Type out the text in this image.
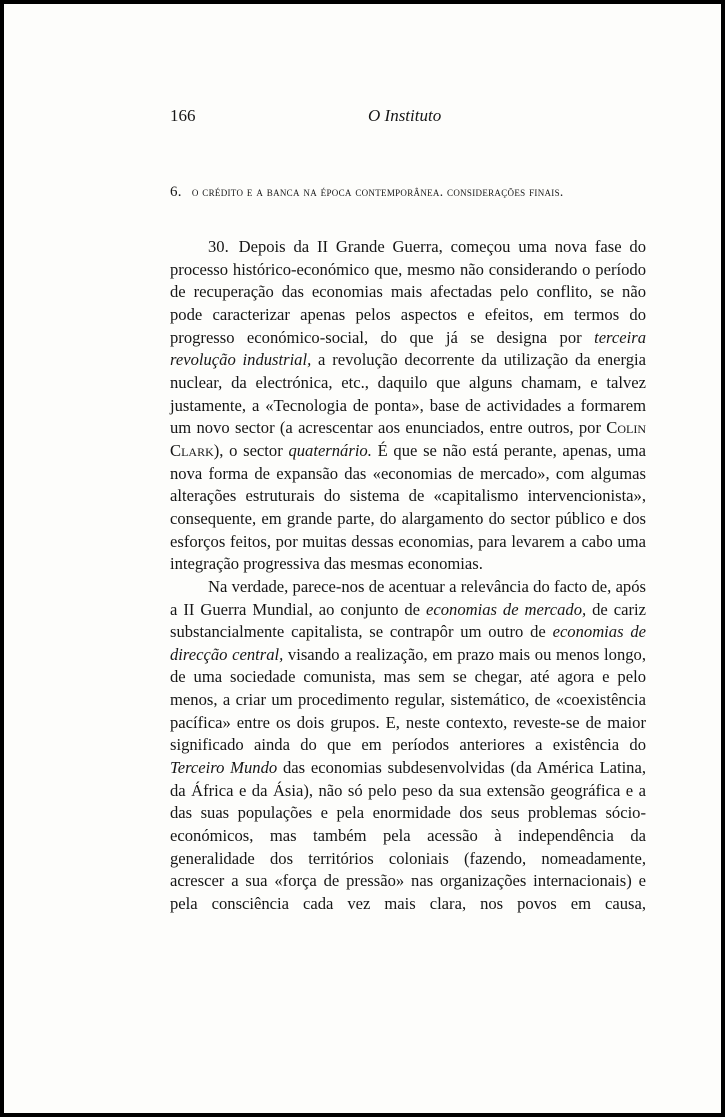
166	O Instituto
6. o crédito e a banca na época contemporânea. considerações finais.

30. Depois da II Grande Guerra, começou uma nova fase do processo histórico-económico que, mesmo não considerando o período de recuperação das economias mais afectadas pelo conflito, se não pode caracterizar apenas pelos aspectos e efeitos, em termos do progresso económico-social, do que já se designa por terceira revolução industrial, a revolução decorrente da utilização da energia nuclear, da electrónica, etc., daquilo que alguns chamam, e talvez justamente, a «Tecnologia de ponta», base de actividades a formarem um novo sector (a acrescentar aos enunciados, entre outros, por Colin Clark), o sector quaternário. É que se não está perante, apenas, uma nova forma de expansão das «economias de mercado», com algumas alterações estruturais do sistema de «capitalismo intervencionista», consequente, em grande parte, do alargamento do sector público e dos esforços feitos, por muitas dessas economias, para levarem a cabo uma integração progressiva das mesmas economias.

Na verdade, parece-nos de acentuar a relevância do facto de, após a II Guerra Mundial, ao conjunto de economias de mercado, de cariz substancialmente capitalista, se contrapôr um outro de economias de direcção central, visando a realização, em prazo mais ou menos longo, de uma sociedade comunista, mas sem se chegar, até agora e pelo menos, a criar um procedimento regular, sistemático, de «coexistência pacífica» entre os dois grupos. E, neste contexto, reveste-se de maior significado ainda do que em períodos anteriores a existência do Terceiro Mundo das economias subdesenvolvidas (da América Latina, da África e da Ásia), não só pelo peso da sua extensão geográfica e a das suas populações e pela enormidade dos seus problemas sócio-económicos, mas também pela acessão à independência da generalidade dos territórios coloniais (fazendo, nomeadamente, acrescer a sua «força de pressão» nas organizações internacionais) e pela consciência cada vez mais clara, nos povos em causa,
